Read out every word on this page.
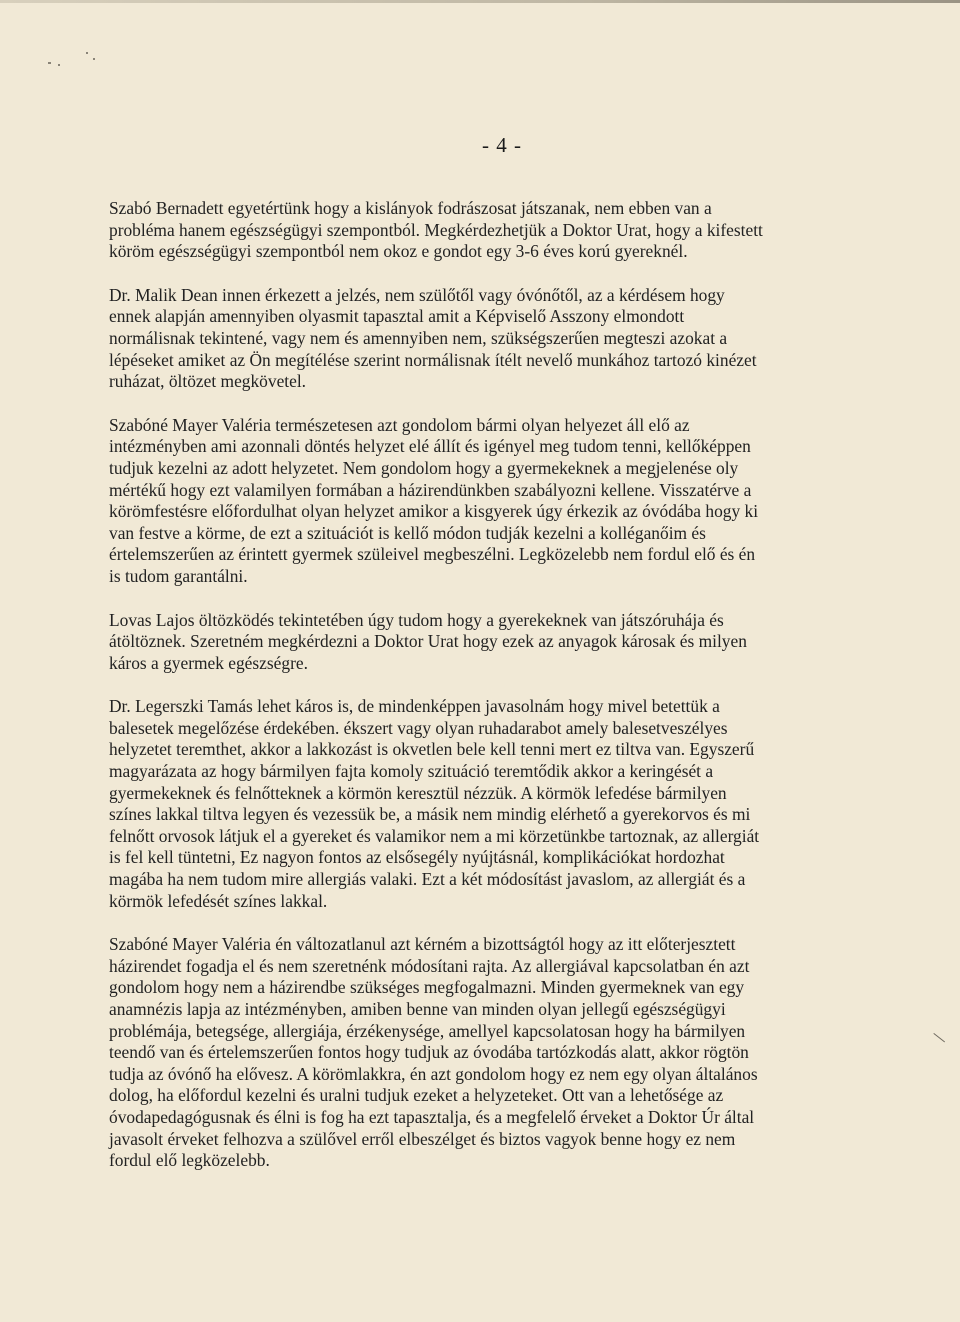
- 4 -

Szabó Bernadett egyetértünk hogy a kislányok fodrászosat játszanak, nem ebben van a
probléma hanem egészségügyi szempontból. Megkérdezhetjük a Doktor Urat, hogy a kifestett
köröm egészségügyi szempontból nem okoz e gondot egy 3-6 éves korú gyereknél.

Dr. Malik Dean innen érkezett a jelzés, nem szülőtől vagy óvónőtől, az a kérdésem hogy
ennek alapján amennyiben olyasmit tapasztal amit a Képviselő Asszony elmondott
normálisnak tekintené, vagy nem és amennyiben nem, szükségszerűen megteszi azokat a
lépéseket amiket az Ön megítélése szerint normálisnak ítélt nevelő munkához tartozó kinézet
ruházat, öltözet megkövetel.

Szabóné Mayer Valéria természetesen azt gondolom bármi olyan helyezet áll elő az
intézményben ami azonnali döntés helyzet elé állít és igényel meg tudom tenni, kellőképpen
tudjuk kezelni az adott helyzetet. Nem gondolom hogy a gyermekeknek a megjelenése oly
mértékű hogy ezt valamilyen formában a házirendünkben szabályozni kellene. Visszatérve a
körömfestésre előfordulhat olyan helyzet amikor a kisgyerek úgy érkezik az óvódába hogy ki
van festve a körme, de ezt a szituációt is kellő módon tudják kezelni a kolléganőim és
értelemszerűen az érintett gyermek szüleivel megbeszélni. Legközelebb nem fordul elő és én
is tudom garantálni.

Lovas Lajos öltözködés tekintetében úgy tudom hogy a gyerekeknek van játszóruhája és
átöltöznek. Szeretném megkérdezni a Doktor Urat hogy ezek az anyagok károsak és milyen
káros a gyermek egészségre.

Dr. Legerszki Tamás lehet káros is, de mindenképpen javasolnám hogy mivel betettük a
balesetek megelőzése érdekében. ékszert vagy olyan ruhadarabot amely balesetveszélyes
helyzetet teremthet, akkor a lakkozást is okvetlen bele kell tenni mert ez tiltva van. Egyszerű
magyarázata az hogy bármilyen fajta komoly szituáció teremtődik akkor a keringését a
gyermekeknek és felnőtteknek a körmön keresztül nézzük. A körmök lefedése bármilyen
színes lakkal tiltva legyen és vezessük be, a másik nem mindig elérhető a gyerekorvos és mi
felnőtt orvosok látjuk el a gyereket és valamikor nem a mi körzetünkbe tartoznak, az allergiát
is fel kell tüntetni, Ez nagyon fontos az elsősegély nyújtásnál, komplikációkat hordozhat
magába ha nem tudom mire allergiás valaki. Ezt a két módosítást javaslom, az allergiát és a
körmök lefedését színes lakkal.

Szabóné Mayer Valéria én változatlanul azt kérném a bizottságtól hogy az itt előterjesztett
házirendet fogadja el és nem szeretnénk módosítani rajta. Az allergiával kapcsolatban én azt
gondolom hogy nem a házirendbe szükséges megfogalmazni. Minden gyermeknek van egy
anamnézis lapja az intézményben, amiben benne van minden olyan jellegű egészségügyi
problémája, betegsége, allergiája, érzékenysége, amellyel kapcsolatosan hogy ha bármilyen
teendő van és értelemszerűen fontos hogy tudjuk az óvodába tartózkodás alatt, akkor rögtön
tudja az óvónő ha elővesz. A körömlakkra, én azt gondolom hogy ez nem egy olyan általános
dolog, ha előfordul kezelni és uralni tudjuk ezeket a helyzeteket. Ott van a lehetősége az
óvodapedagógusnak és élni is fog ha ezt tapasztalja, és a megfelelő érveket a Doktor Úr által
javasolt érveket felhozva a szülővel erről elbeszélget és biztos vagyok benne hogy ez nem
fordul elő legközelebb.
